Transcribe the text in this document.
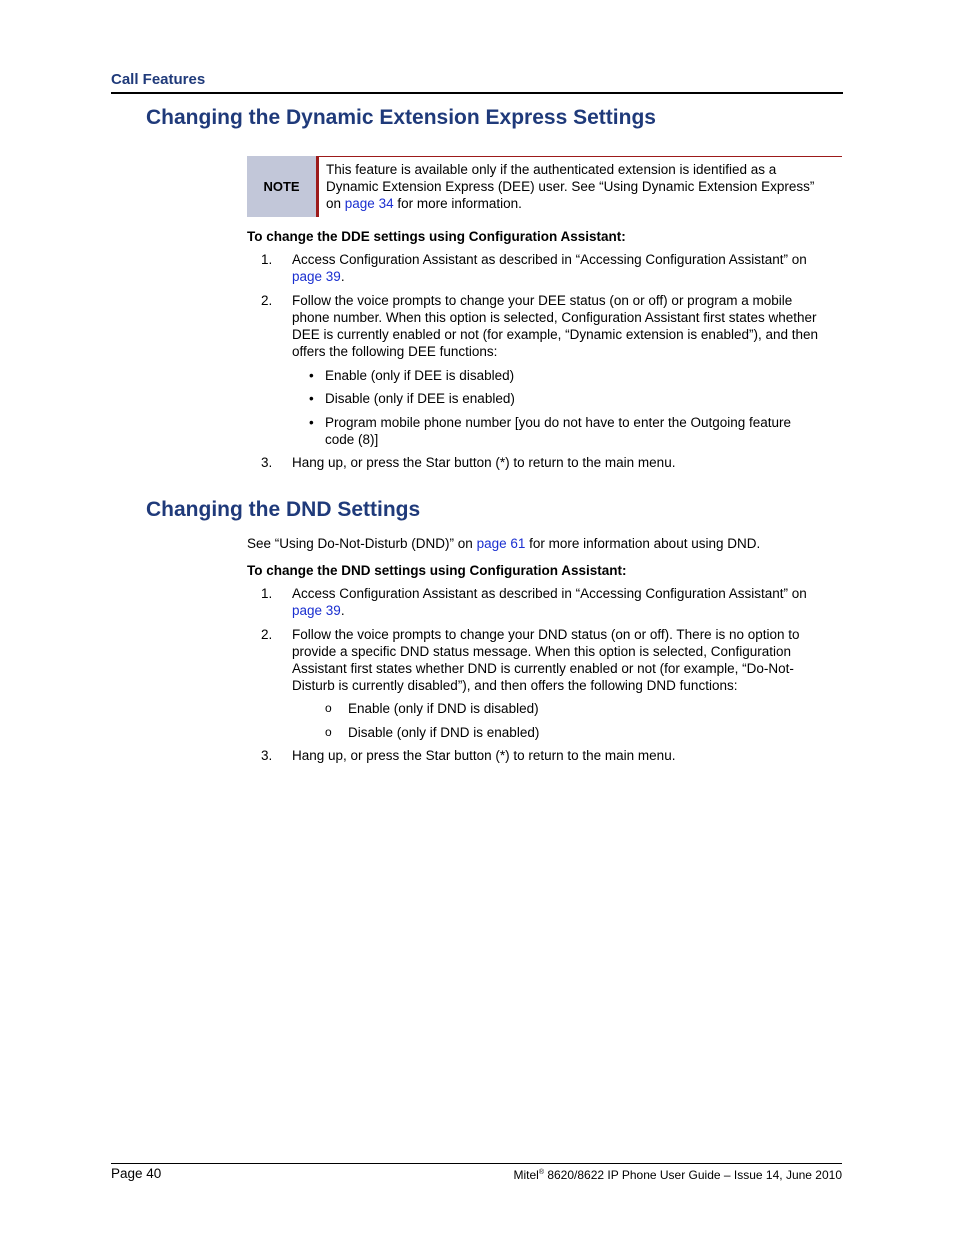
Call Features
Changing the Dynamic Extension Express Settings
NOTE
This feature is available only if the authenticated extension is identified as a
Dynamic Extension Express (DEE) user. See “Using Dynamic Extension Express”
on page 34 for more information.
To change the DDE settings using Configuration Assistant:
1. Access Configuration Assistant as described in “Accessing Configuration Assistant” on
page 39.
2. Follow the voice prompts to change your DEE status (on or off) or program a mobile
phone number. When this option is selected, Configuration Assistant first states whether
DEE is currently enabled or not (for example, “Dynamic extension is enabled”), and then
offers the following DEE functions:
• Enable (only if DEE is disabled)
• Disable (only if DEE is enabled)
• Program mobile phone number [you do not have to enter the Outgoing feature
code (8)]
3. Hang up, or press the Star button (*) to return to the main menu.
Changing the DND Settings
See “Using Do-Not-Disturb (DND)” on page 61 for more information about using DND.
To change the DND settings using Configuration Assistant:
1. Access Configuration Assistant as described in “Accessing Configuration Assistant” on
page 39.
2. Follow the voice prompts to change your DND status (on or off). There is no option to
provide a specific DND status message. When this option is selected, Configuration
Assistant first states whether DND is currently enabled or not (for example, “Do-Not-
Disturb is currently disabled”), and then offers the following DND functions:
o Enable (only if DND is disabled)
o Disable (only if DND is enabled)
3. Hang up, or press the Star button (*) to return to the main menu.
Page 40	Mitel® 8620/8622 IP Phone User Guide – Issue 14, June 2010
